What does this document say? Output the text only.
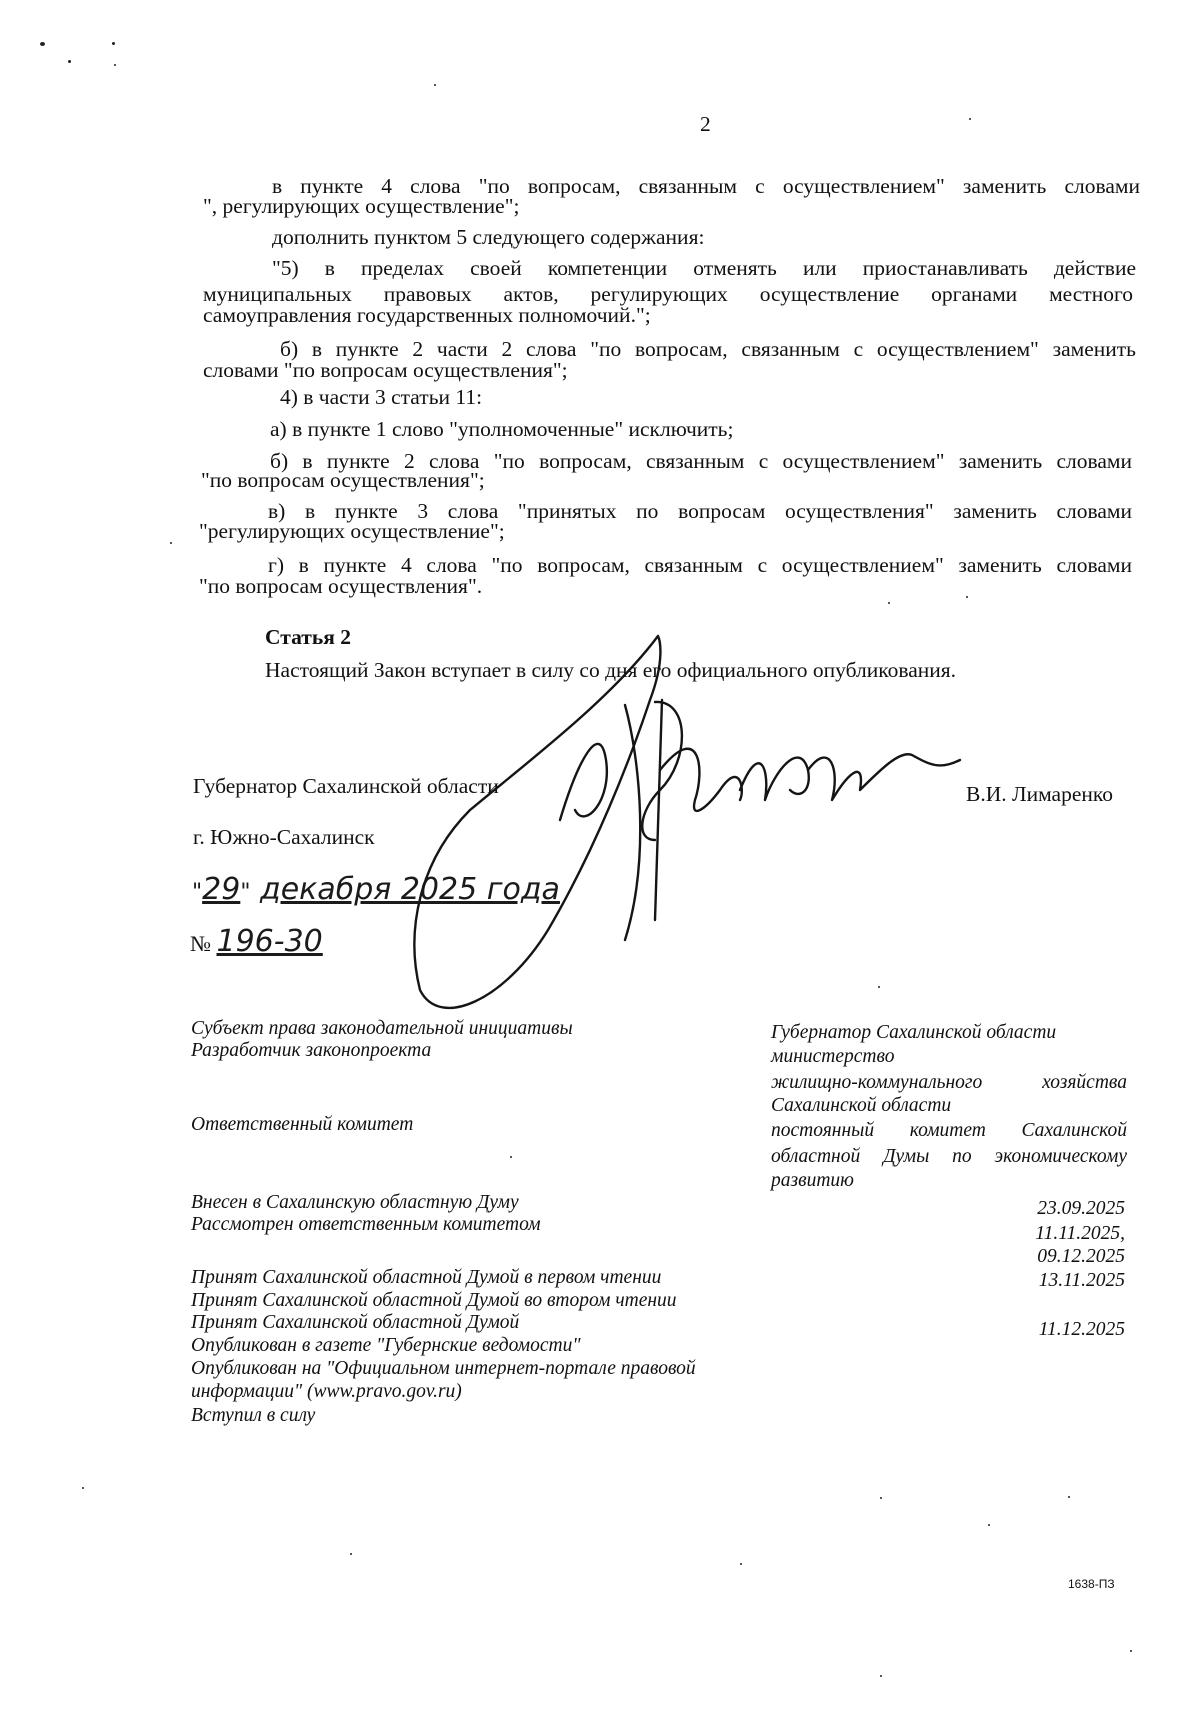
2
в пункте 4 слова "по вопросам, связанным с осуществлением" заменить словами
", регулирующих осуществление";
дополнить пунктом 5 следующего содержания:
"5) в пределах своей компетенции отменять или приостанавливать действие
муниципальных правовых актов, регулирующих осуществление органами местного
самоуправления государственных полномочий.";
б) в пункте 2 части 2 слова "по вопросам, связанным с осуществлением" заменить
словами "по вопросам осуществления";
4) в части 3 статьи 11:
а) в пункте 1 слово "уполномоченные" исключить;
б) в пункте 2 слова "по вопросам, связанным с осуществлением" заменить словами
"по вопросам осуществления";
в) в пункте 3 слова "принятых по вопросам осуществления" заменить словами
"регулирующих осуществление";
г) в пункте 4 слова "по вопросам, связанным с осуществлением" заменить словами
"по вопросам осуществления".
Статья 2
Настоящий Закон вступает в силу со дня его официального опубликования.
Губернатор Сахалинской области	В.И. Лимаренко
г. Южно-Сахалинск
"29" декабря 2025 года
№ 196-30
Субъект права законодательной инициативы
Разработчик законопроекта
Ответственный комитет
Внесен в Сахалинскую областную Думу
Рассмотрен ответственным комитетом
Принят Сахалинской областной Думой в первом чтении
Принят Сахалинской областной Думой во втором чтении
Принят Сахалинской областной Думой
Опубликован в газете "Губернские ведомости"
Опубликован на "Официальном интернет-портале правовой
информации" (www.pravo.gov.ru)
Вступил в силу
Губернатор Сахалинской области
министерство
жилищно-коммунального хозяйства
Сахалинской области
постоянный комитет Сахалинской
областной Думы по экономическому
развитию
23.09.2025
11.11.2025,
09.12.2025
13.11.2025
11.12.2025
1638-ПЗ
